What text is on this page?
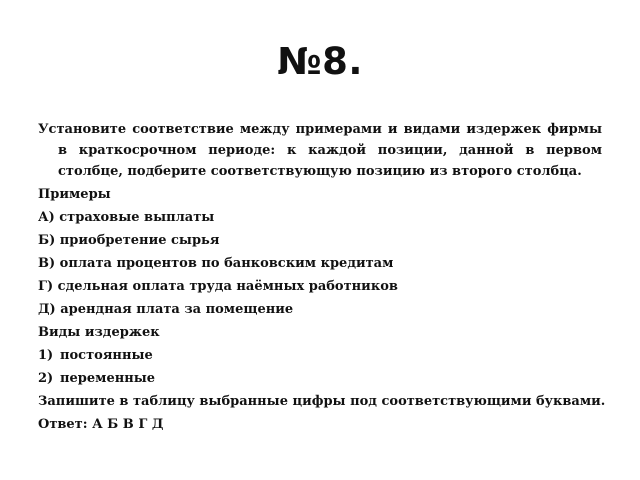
№8.

Установите соответствие между примерами и видами издержек фирмы в краткосрочном периоде: к каждой позиции, данной в первом столбце, подберите соответствующую позицию из второго столбца.

Примеры

А) страховые выплаты

Б) приобретение сырья

В) оплата процентов по банковским кредитам

Г) сдельная оплата труда наёмных работников

Д) арендная плата за помещение

Виды издержек

1) постоянные

2) переменные

Запишите в таблицу выбранные цифры под соответствующими буквами.

Ответ: А Б В Г Д
